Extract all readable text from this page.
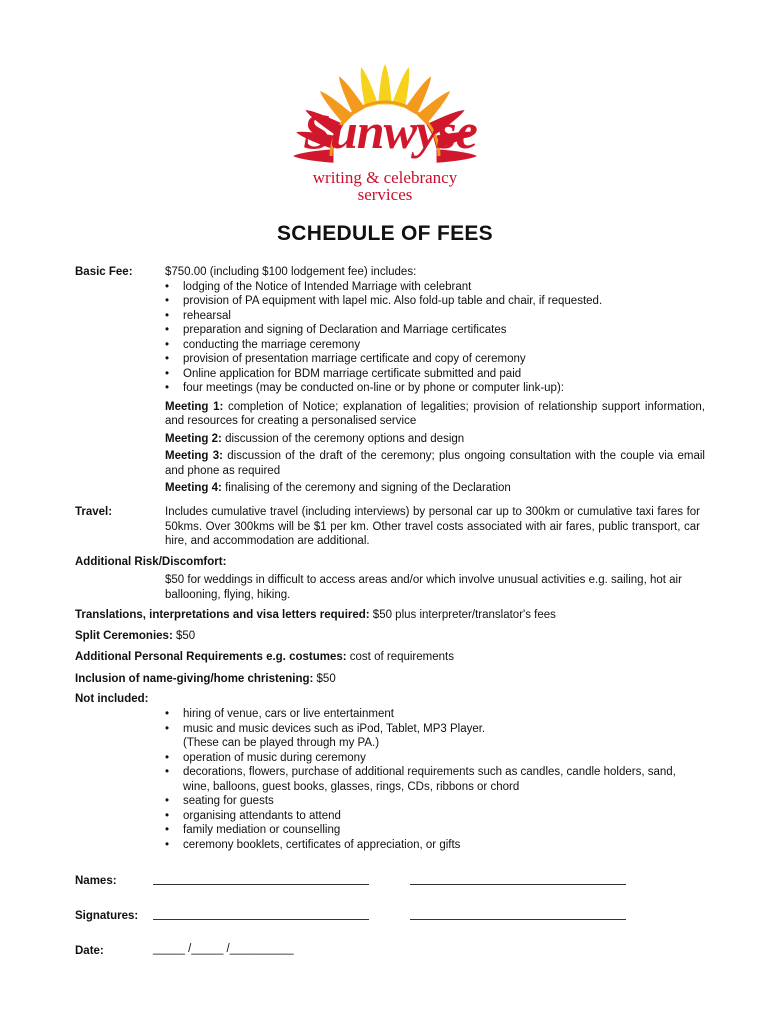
Sunwyse
writing & celebrancy
services
SCHEDULE OF FEES
Basic Fee:	$750.00 (including $100 lodgement fee) includes:
• lodging of the Notice of Intended Marriage with celebrant
• provision of PA equipment with lapel mic. Also fold-up table and chair, if requested.
• rehearsal
• preparation and signing of Declaration and Marriage certificates
• conducting the marriage ceremony
• provision of presentation marriage certificate and copy of ceremony
• Online application for BDM marriage certificate submitted and paid
• four meetings (may be conducted on-line or by phone or computer link-up):
Meeting 1: completion of Notice; explanation of legalities; provision of relationship support information, and resources for creating a personalised service
Meeting 2: discussion of the ceremony options and design
Meeting 3: discussion of the draft of the ceremony; plus ongoing consultation with the couple via email and phone as required
Meeting 4: finalising of the ceremony and signing of the Declaration
Travel:	Includes cumulative travel (including interviews) by personal car up to 300km or cumulative taxi fares for 50kms. Over 300kms will be $1 per km. Other travel costs associated with air fares, public transport, car hire, and accommodation are additional.
Additional Risk/Discomfort:
$50 for weddings in difficult to access areas and/or which involve unusual activities e.g. sailing, hot air ballooning, flying, hiking.
Translations, interpretations and visa letters required: $50 plus interpreter/translator's fees
Split Ceremonies: $50
Additional Personal Requirements e.g. costumes: cost of requirements
Inclusion of name-giving/home christening: $50
Not included:
• hiring of venue, cars or live entertainment
• music and music devices such as iPod, Tablet, MP3 Player.
(These can be played through my PA.)
• operation of music during ceremony
• decorations, flowers, purchase of additional requirements such as candles, candle holders, sand, wine, balloons, guest books, glasses, rings, CDs, ribbons or chord
• seating for guests
• organising attendants to attend
• family mediation or counselling
• ceremony booklets, certificates of appreciation, or gifts
Names:
Signatures:
Date:	_____ /_____ /__________
